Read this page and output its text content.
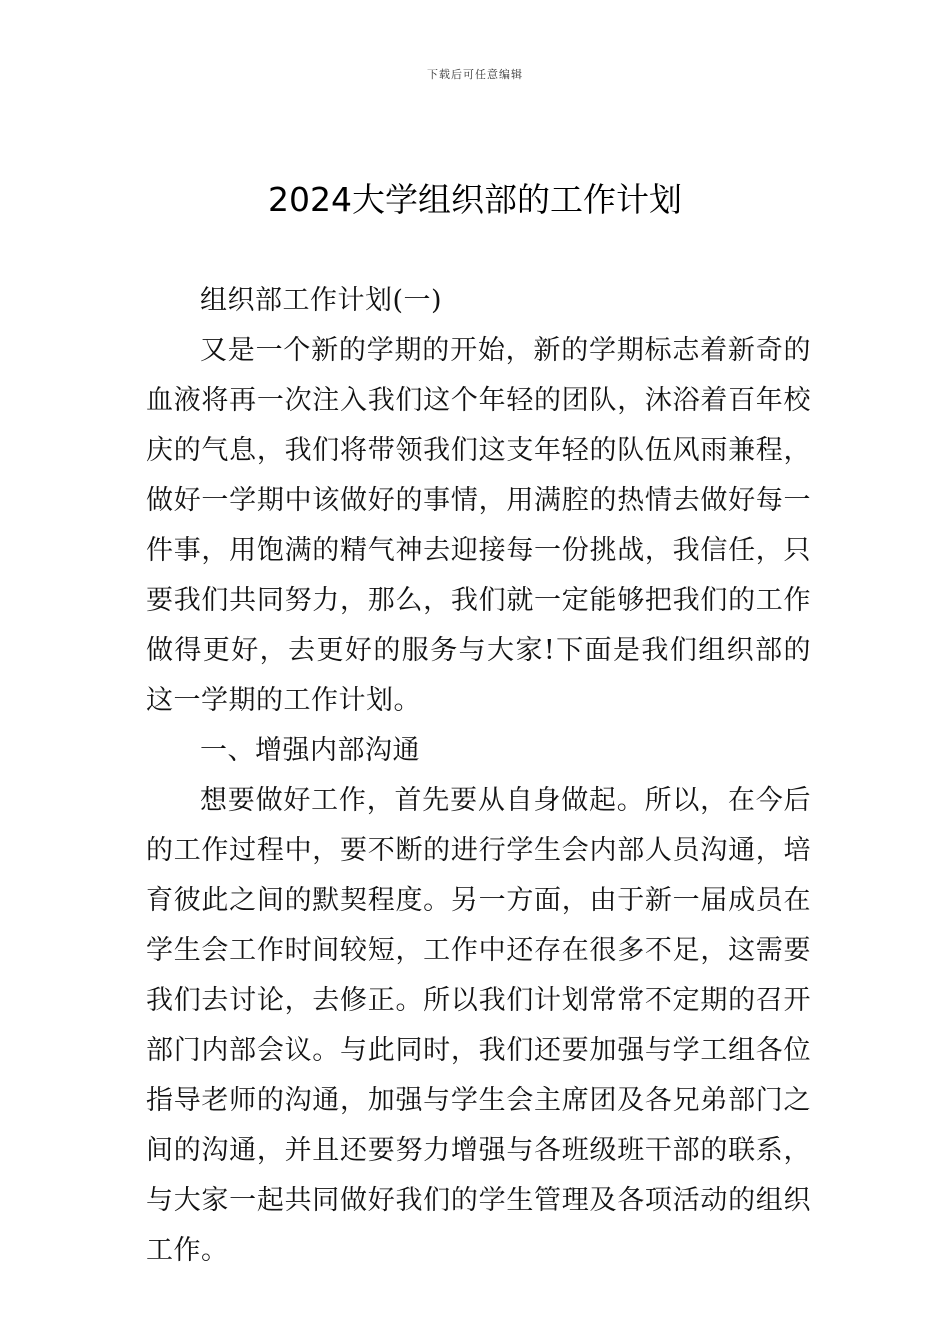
下载后可任意编辑
2024大学组织部的工作计划

组织部工作计划(一)

又是一个新的学期的开始，新的学期标志着新奇的血液将再一次注入我们这个年轻的团队，沐浴着百年校庆的气息，我们将带领我们这支年轻的队伍风雨兼程，做好一学期中该做好的事情，用满腔的热情去做好每一件事，用饱满的精气神去迎接每一份挑战，我信任，只要我们共同努力，那么，我们就一定能够把我们的工作做得更好，去更好的服务与大家!下面是我们组织部的这一学期的工作计划。

一、增强内部沟通

想要做好工作，首先要从自身做起。所以，在今后的工作过程中，要不断的进行学生会内部人员沟通，培育彼此之间的默契程度。另一方面，由于新一届成员在学生会工作时间较短，工作中还存在很多不足，这需要我们去讨论，去修正。所以我们计划常常不定期的召开部门内部会议。与此同时，我们还要加强与学工组各位指导老师的沟通，加强与学生会主席团及各兄弟部门之间的沟通，并且还要努力增强与各班级班干部的联系，与大家一起共同做好我们的学生管理及各项活动的组织工作。
